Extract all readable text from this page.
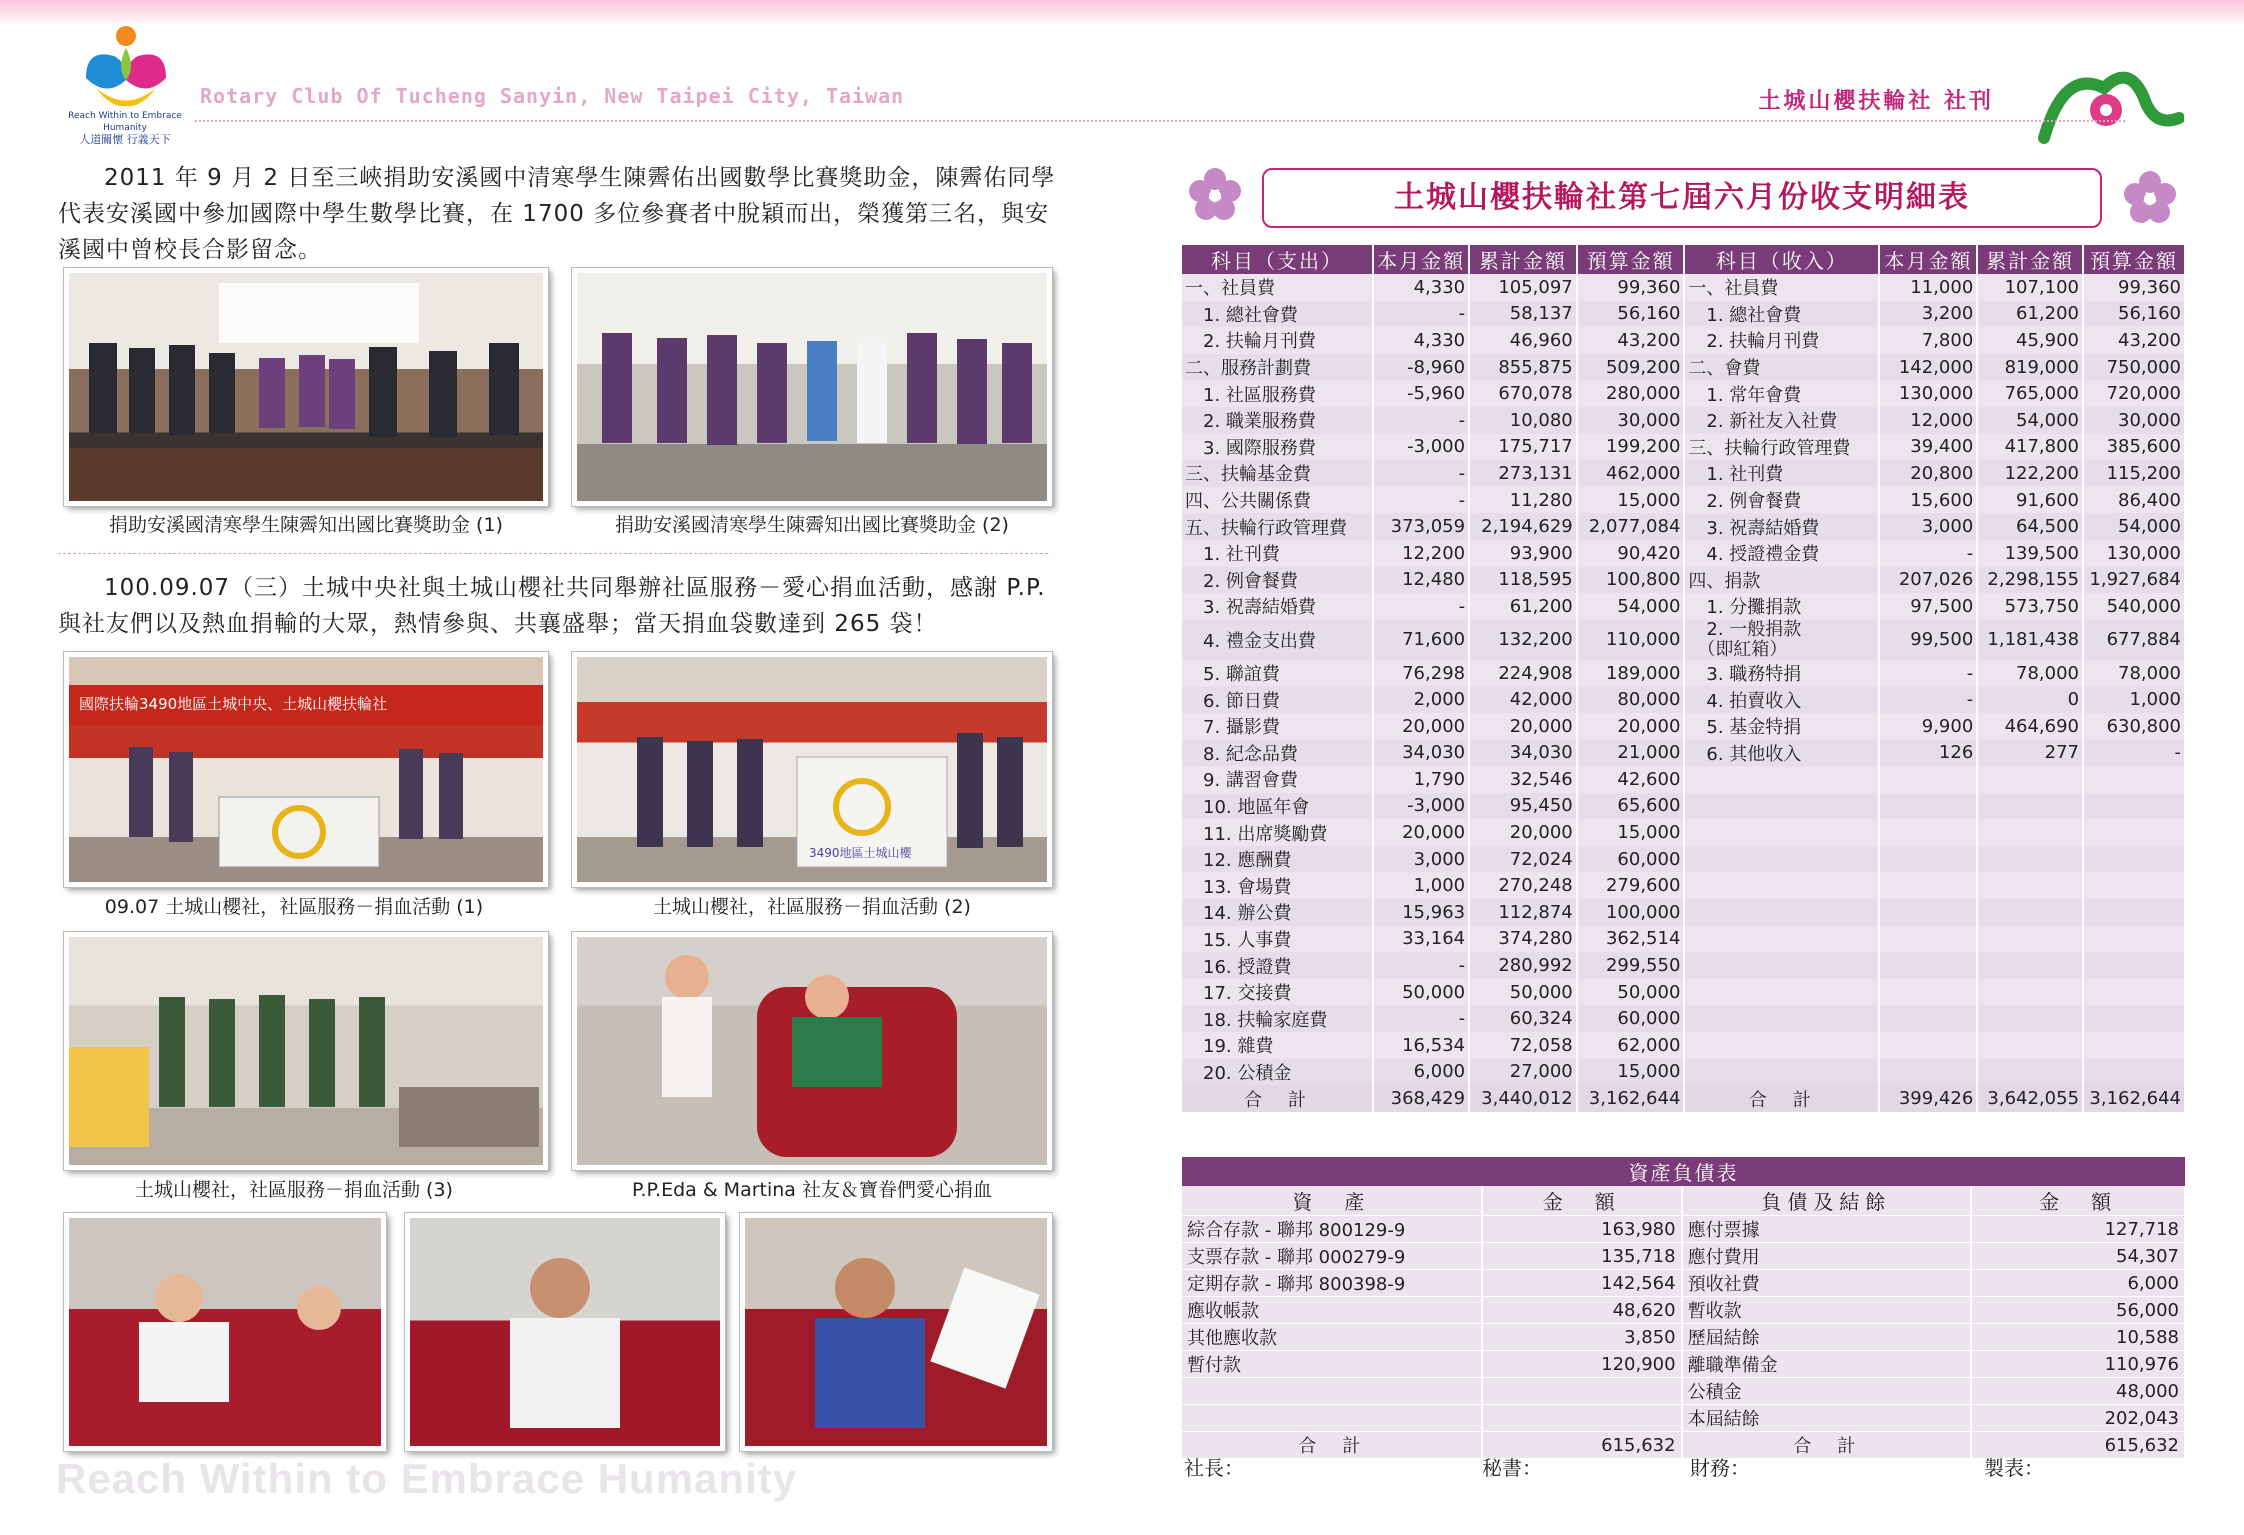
Reach Within to Embrace Humanity
人道關懷 行義天下
Rotary Club Of Tucheng Sanyin, New Taipei City, Taiwan	土城山櫻扶輪社 社刊

2011 年 9 月 2 日至三峽捐助安溪國中清寒學生陳霽佑出國數學比賽獎助金，陳霽佑同學代表安溪國中參加國際中學生數學比賽，在 1700 多位參賽者中脫穎而出，榮獲第三名，與安溪國中曾校長合影留念。

捐助安溪國清寒學生陳霽知出國比賽獎助金 (1)	捐助安溪國清寒學生陳霽知出國比賽獎助金 (2)

100.09.07（三）土城中央社與土城山櫻社共同舉辦社區服務－愛心捐血活動，感謝 P.P. 與社友們以及熱血捐輸的大眾，熱情參與、共襄盛舉；當天捐血袋數達到 265 袋！

國際扶輪3490地區土城中央、土城山櫻扶輪社
09.07 土城山櫻社，社區服務－捐血活動 (1)
3490地區土城山櫻
土城山櫻社，社區服務－捐血活動 (2)
土城山櫻社，社區服務－捐血活動 (3)	P.P.Eda & Martina 社友＆寶眷們愛心捐血
Reach Within to Embrace Humanity
土城山櫻扶輪社第七屆六月份收支明細表
科目（支出）	本月金額	累計金額	預算金額	科目（收入）	本月金額	累計金額	預算金額
一、社員費	4,330	105,097	99,360	一、社員費	11,000	107,100	99,360
　1. 總社會費	-	58,137	56,160	　1. 總社會費	3,200	61,200	56,160
　2. 扶輪月刊費	4,330	46,960	43,200	　2. 扶輪月刊費	7,800	45,900	43,200
二、服務計劃費	-8,960	855,875	509,200	二、會費	142,000	819,000	750,000
　1. 社區服務費	-5,960	670,078	280,000	　1. 常年會費	130,000	765,000	720,000
　2. 職業服務費	-	10,080	30,000	　2. 新社友入社費	12,000	54,000	30,000
　3. 國際服務費	-3,000	175,717	199,200	三、扶輪行政管理費	39,400	417,800	385,600
三、扶輪基金費	-	273,131	462,000	　1. 社刊費	20,800	122,200	115,200
四、公共關係費	-	11,280	15,000	　2. 例會餐費	15,600	91,600	86,400
五、扶輪行政管理費	373,059	2,194,629	2,077,084	　3. 祝壽結婚費	3,000	64,500	54,000
　1. 社刊費	12,200	93,900	90,420	　4. 授證禮金費	-	139,500	130,000
　2. 例會餐費	12,480	118,595	100,800	四、捐款	207,026	2,298,155	1,927,684
　3. 祝壽結婚費	-	61,200	54,000	　1. 分攤捐款	97,500	573,750	540,000
　4. 禮金支出費	71,600	132,200	110,000	　2. 一般捐款
　（即紅箱）	99,500	1,181,438	677,884
　5. 聯誼費	76,298	224,908	189,000	　3. 職務特捐	-	78,000	78,000
　6. 節日費	2,000	42,000	80,000	　4. 拍賣收入	-	0	1,000
　7. 攝影費	20,000	20,000	20,000	　5. 基金特捐	9,900	464,690	630,800
　8. 紀念品費	34,030	34,030	21,000	　6. 其他收入	126	277	-
　9. 講習會費	1,790	32,546	42,600				
　10. 地區年會	-3,000	95,450	65,600				
　11. 出席獎勵費	20,000	20,000	15,000				
　12. 應酬費	3,000	72,024	60,000				
　13. 會場費	1,000	270,248	279,600				
　14. 辦公費	15,963	112,874	100,000				
　15. 人事費	33,164	374,280	362,514				
　16. 授證費	-	280,992	299,550				
　17. 交接費	50,000	50,000	50,000				
　18. 扶輪家庭費	-	60,324	60,000				
　19. 雜費	16,534	72,058	62,000				
　20. 公積金	6,000	27,000	15,000				
合　計	368,429	3,440,012	3,162,644	合　計	399,426	3,642,055	3,162,644
資產負債表			
資　產	金　額	負債及結餘	金　額
綜合存款 - 聯邦 800129-9	163,980	應付票據	127,718
支票存款 - 聯邦 000279-9	135,718	應付費用	54,307
定期存款 - 聯邦 800398-9	142,564	預收社費	6,000
應收帳款	48,620	暫收款	56,000
其他應收款	3,850	歷屆結餘	10,588
暫付款	120,900	離職準備金	110,976
		公積金	48,000
		本屆結餘	202,043
合　計	615,632	合　計	615,632
社長：	秘書：	財務：	製表：
